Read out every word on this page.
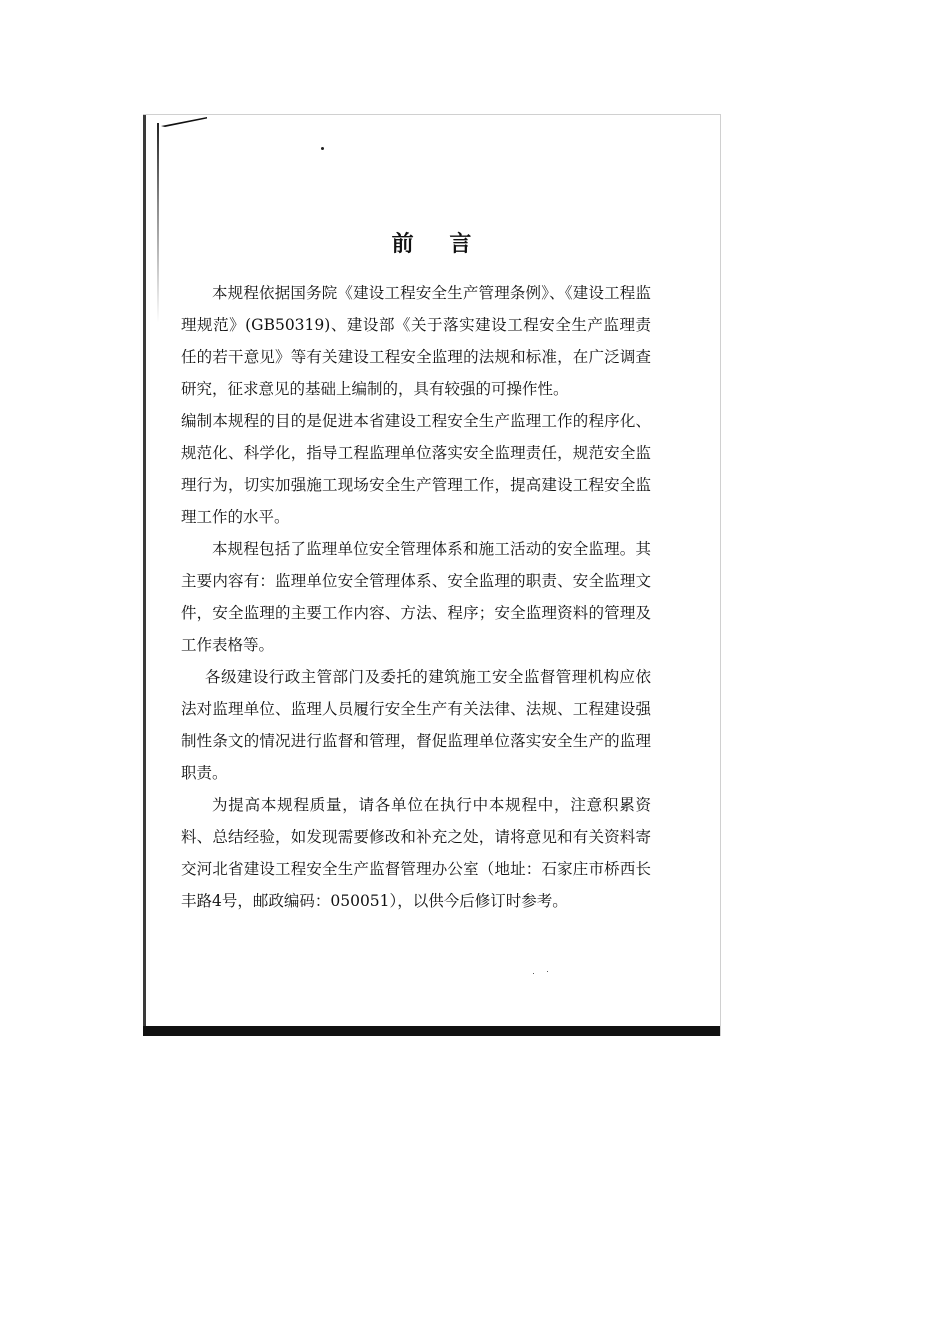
前 言

本规程依据国务院《建设工程安全生产管理条例》、《建设工程监理规范》(GB50319)、建设部《关于落实建设工程安全生产监理责任的若干意见》等有关建设工程安全监理的法规和标准，在广泛调查研究，征求意见的基础上编制的，具有较强的可操作性。

编制本规程的目的是促进本省建设工程安全生产监理工作的程序化、规范化、科学化，指导工程监理单位落实安全监理责任，规范安全监理行为，切实加强施工现场安全生产管理工作，提高建设工程安全监理工作的水平。

本规程包括了监理单位安全管理体系和施工活动的安全监理。其主要内容有：监理单位安全管理体系、安全监理的职责、安全监理文件，安全监理的主要工作内容、方法、程序；安全监理资料的管理及工作表格等。

各级建设行政主管部门及委托的建筑施工安全监督管理机构应依法对监理单位、监理人员履行安全生产有关法律、法规、工程建设强制性条文的情况进行监督和管理，督促监理单位落实安全生产的监理职责。

为提高本规程质量，请各单位在执行中本规程中，注意积累资料、总结经验，如发现需要修改和补充之处，请将意见和有关资料寄交河北省建设工程安全生产监督管理办公室（地址：石家庄市桥西长丰路4号，邮政编码：050051），以供今后修订时参考。
